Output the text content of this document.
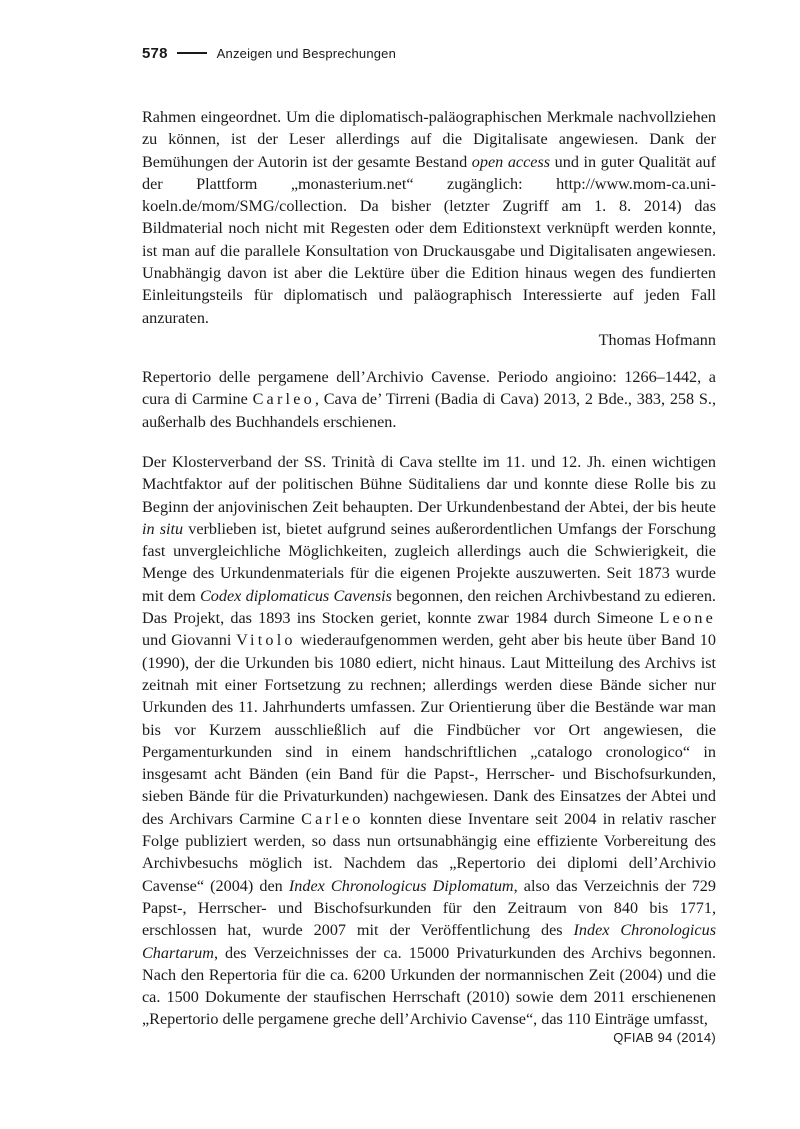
578	Anzeigen und Besprechungen

Rahmen eingeordnet. Um die diplomatisch-paläographischen Merkmale nachvollziehen zu können, ist der Leser allerdings auf die Digitalisate angewiesen. Dank der Bemühungen der Autorin ist der gesamte Bestand open access und in guter Qualität auf der Plattform „monasterium.net“ zugänglich: http://www.mom-ca.uni-koeln.de/mom/SMG/collection. Da bisher (letzter Zugriff am 1. 8. 2014) das Bildmaterial noch nicht mit Regesten oder dem Editionstext verknüpft werden konnte, ist man auf die parallele Konsultation von Druckausgabe und Digitalisaten angewiesen. Unabhängig davon ist aber die Lektüre über die Edition hinaus wegen des fundierten Einleitungsteils für diplomatisch und paläographisch Interessierte auf jeden Fall anzuraten.

Thomas Hofmann

Repertorio delle pergamene dell’Archivio Cavense. Periodo angioino: 1266–1442, a cura di Carmine Carleo, Cava de’ Tirreni (Badia di Cava) 2013, 2 Bde., 383, 258 S., außerhalb des Buchhandels erschienen.

Der Klosterverband der SS. Trinità di Cava stellte im 11. und 12. Jh. einen wichtigen Machtfaktor auf der politischen Bühne Süditaliens dar und konnte diese Rolle bis zu Beginn der anjovinischen Zeit behaupten. Der Urkundenbestand der Abtei, der bis heute in situ verblieben ist, bietet aufgrund seines außerordentlichen Umfangs der Forschung fast unvergleichliche Möglichkeiten, zugleich allerdings auch die Schwierigkeit, die Menge des Urkundenmaterials für die eigenen Projekte auszuwerten. Seit 1873 wurde mit dem Codex diplomaticus Cavensis begonnen, den reichen Archivbestand zu edieren. Das Projekt, das 1893 ins Stocken geriet, konnte zwar 1984 durch Simeone Leone und Giovanni Vitolo wiederaufgenommen werden, geht aber bis heute über Band 10 (1990), der die Urkunden bis 1080 ediert, nicht hinaus. Laut Mitteilung des Archivs ist zeitnah mit einer Fortsetzung zu rechnen; allerdings werden diese Bände sicher nur Urkunden des 11. Jahrhunderts umfassen. Zur Orientierung über die Bestände war man bis vor Kurzem ausschließlich auf die Findbücher vor Ort angewiesen, die Pergamenturkunden sind in einem handschriftlichen „catalogo cronologico“ in insgesamt acht Bänden (ein Band für die Papst-, Herrscher- und Bischofsurkunden, sieben Bände für die Privaturkunden) nachgewiesen. Dank des Einsatzes der Abtei und des Archivars Carmine Carleo konnten diese Inventare seit 2004 in relativ rascher Folge publiziert werden, so dass nun ortsunabhängig eine effiziente Vorbereitung des Archivbesuchs möglich ist. Nachdem das „Repertorio dei diplomi dell’Archivio Cavense“ (2004) den Index Chronologicus Diplomatum, also das Verzeichnis der 729 Papst-, Herrscher- und Bischofsurkunden für den Zeitraum von 840 bis 1771, erschlossen hat, wurde 2007 mit der Veröffentlichung des Index Chronologicus Chartarum, des Verzeichnisses der ca. 15000 Privaturkunden des Archivs begonnen. Nach den Repertoria für die ca. 6200 Urkunden der normannischen Zeit (2004) und die ca. 1500 Dokumente der staufischen Herrschaft (2010) sowie dem 2011 erschienenen „Repertorio delle pergamene greche dell’Archivio Cavense“, das 110 Einträge umfasst,

QFIAB 94 (2014)
